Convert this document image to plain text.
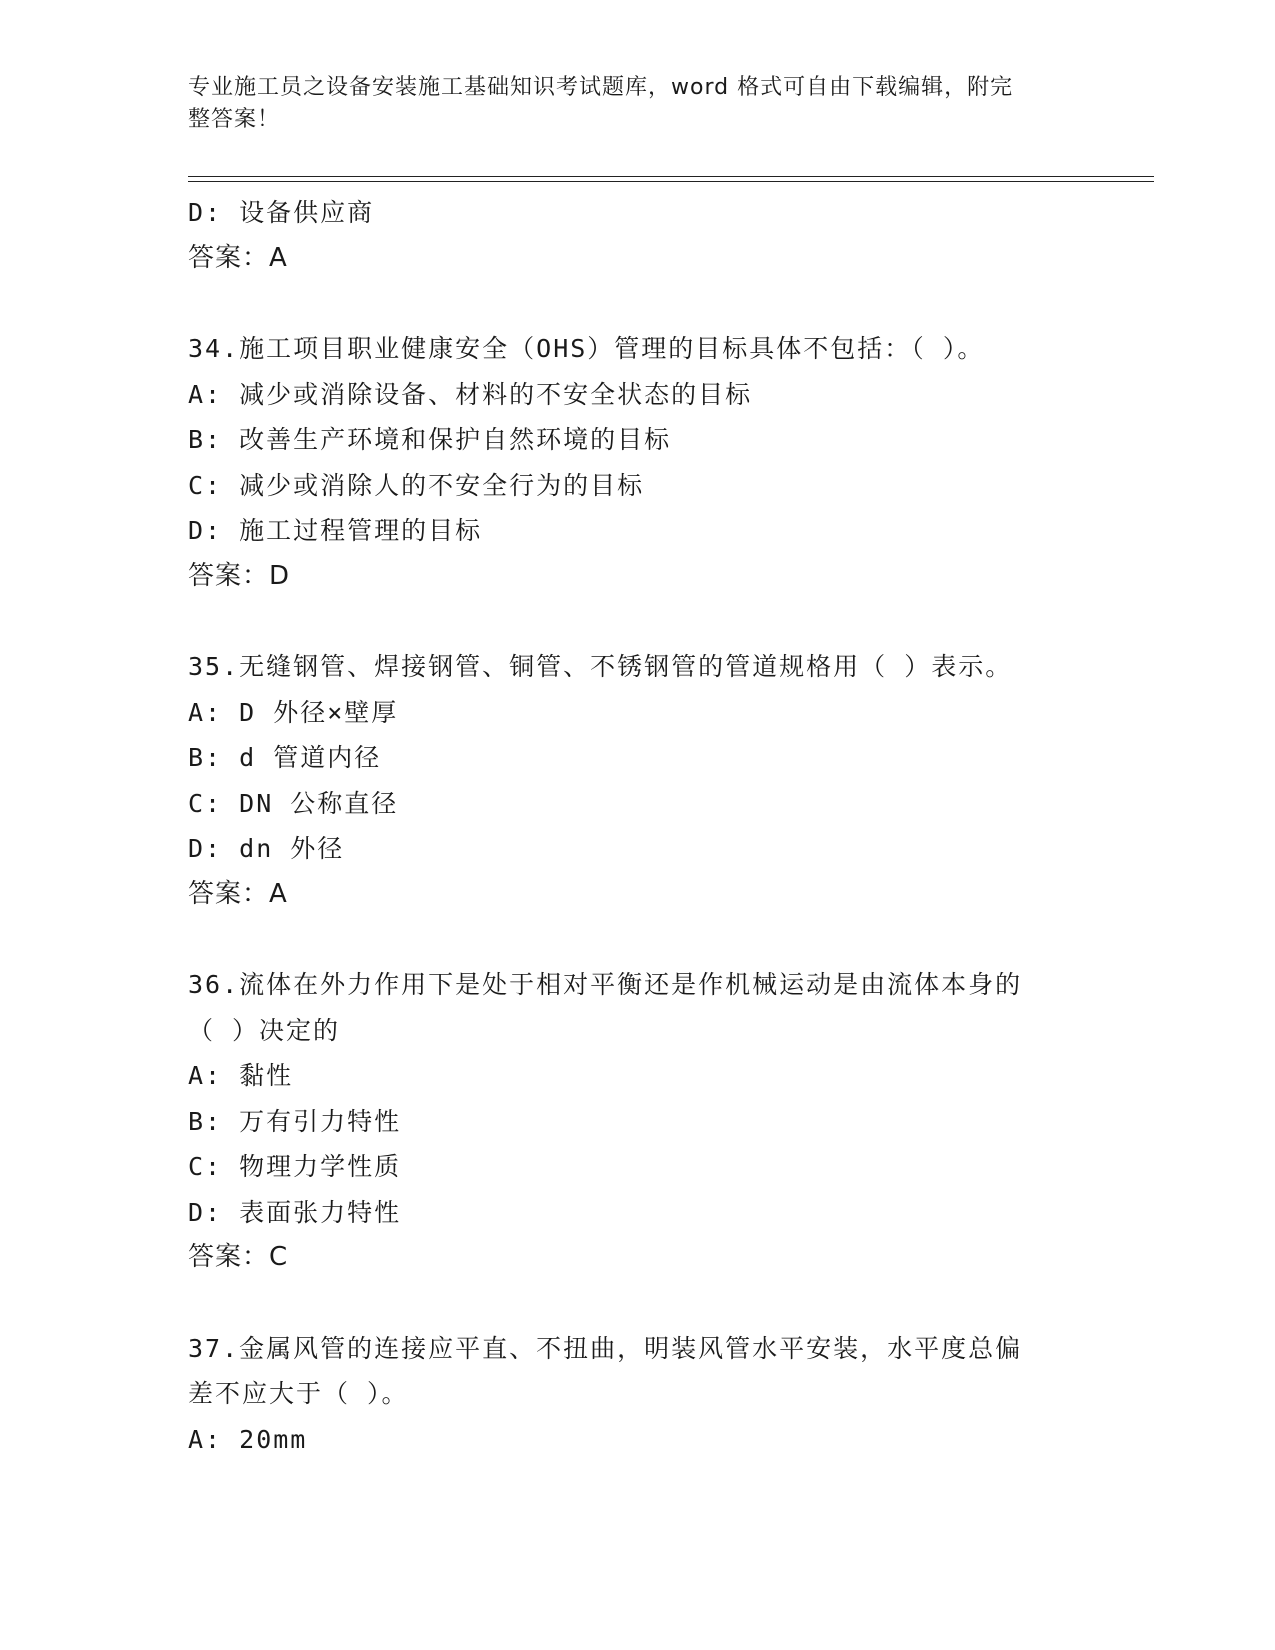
专业施工员之设备安装施工基础知识考试题库，word 格式可自由下载编辑，附完
整答案！
D: 设备供应商
答案：A
34.施工项目职业健康安全（OHS）管理的目标具体不包括：（ ）。
A: 减少或消除设备、材料的不安全状态的目标
B: 改善生产环境和保护自然环境的目标
C: 减少或消除人的不安全行为的目标
D: 施工过程管理的目标
答案：D
35.无缝钢管、焊接钢管、铜管、不锈钢管的管道规格用（ ）表示。
A: D 外径×壁厚
B: d 管道内径
C: DN 公称直径
D: dn 外径
答案：A
36.流体在外力作用下是处于相对平衡还是作机械运动是由流体本身的
（ ）决定的
A: 黏性
B: 万有引力特性
C: 物理力学性质
D: 表面张力特性
答案：C
37.金属风管的连接应平直、不扭曲，明装风管水平安装，水平度总偏
差不应大于（ ）。
A: 20mm
